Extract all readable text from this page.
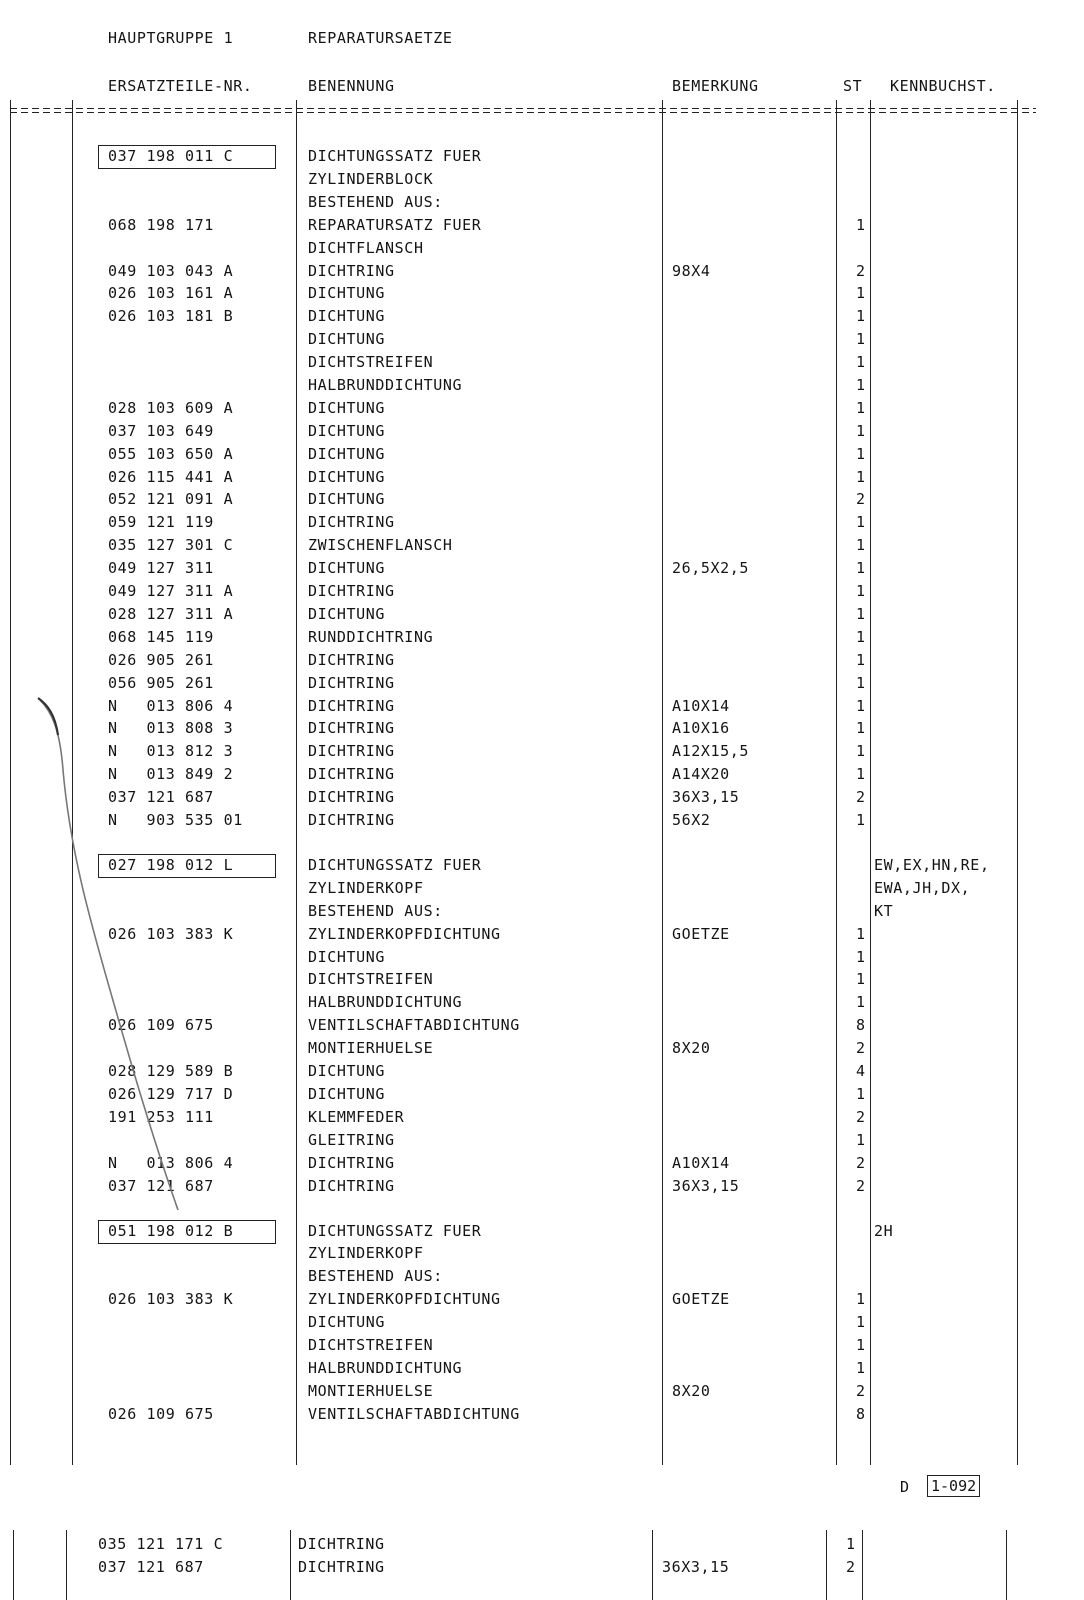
HAUPTGRUPPE 1	REPARATURSAETZE
ERSATZTEILE-NR.	BENENNUNG	BEMERKUNG	ST KENNBUCHST.
037 198 011 C	DICHTUNGSSATZ FUER
ZYLINDERBLOCK
BESTEHEND AUS:
068 198 171	REPARATURSATZ FUER	1
DICHTFLANSCH
049 103 043 A	DICHTRING	98X4	2
026 103 161 A	DICHTUNG	1
026 103 181 B	DICHTUNG	1
DICHTUNG	1
DICHTSTREIFEN	1
HALBRUNDDICHTUNG	1
028 103 609 A	DICHTUNG	1
037 103 649	DICHTUNG	1
055 103 650 A	DICHTUNG	1
026 115 441 A	DICHTUNG	1
052 121 091 A	DICHTUNG	2
059 121 119	DICHTRING	1
035 127 301 C	ZWISCHENFLANSCH	1
049 127 311	DICHTUNG	26,5X2,5	1
049 127 311 A	DICHTRING	1
028 127 311 A	DICHTUNG	1
068 145 119	RUNDDICHTRING	1
026 905 261	DICHTRING	1
056 905 261	DICHTRING	1
N   013 806 4	DICHTRING	A10X14	1
N   013 808 3	DICHTRING	A10X16	1
N   013 812 3	DICHTRING	A12X15,5	1
N   013 849 2	DICHTRING	A14X20	1
037 121 687	DICHTRING	36X3,15	2
N   903 535 01	DICHTRING	56X2	1
027 198 012 L	DICHTUNGSSATZ FUER	EW,EX,HN,RE,
ZYLINDERKOPF	EWA,JH,DX,
BESTEHEND AUS:	KT
026 103 383 K	ZYLINDERKOPFDICHTUNG	GOETZE	1
DICHTUNG	1
DICHTSTREIFEN	1
HALBRUNDDICHTUNG	1
026 109 675	VENTILSCHAFTABDICHTUNG	8
MONTIERHUELSE	8X20	2
028 129 589 B	DICHTUNG	4
026 129 717 D	DICHTUNG	1
191 253 111	KLEMMFEDER	2
GLEITRING	1
N   013 806 4	DICHTRING	A10X14	2
037 121 687	DICHTRING	36X3,15	2
051 198 012 B	DICHTUNGSSATZ FUER	2H
ZYLINDERKOPF
BESTEHEND AUS:
026 103 383 K	ZYLINDERKOPFDICHTUNG	GOETZE	1
DICHTUNG	1
DICHTSTREIFEN	1
HALBRUNDDICHTUNG	1
MONTIERHUELSE	8X20	2
026 109 675	VENTILSCHAFTABDICHTUNG	8
D 1-092
035 121 171 C	DICHTRING	1
037 121 687	DICHTRING	36X3,15	2
